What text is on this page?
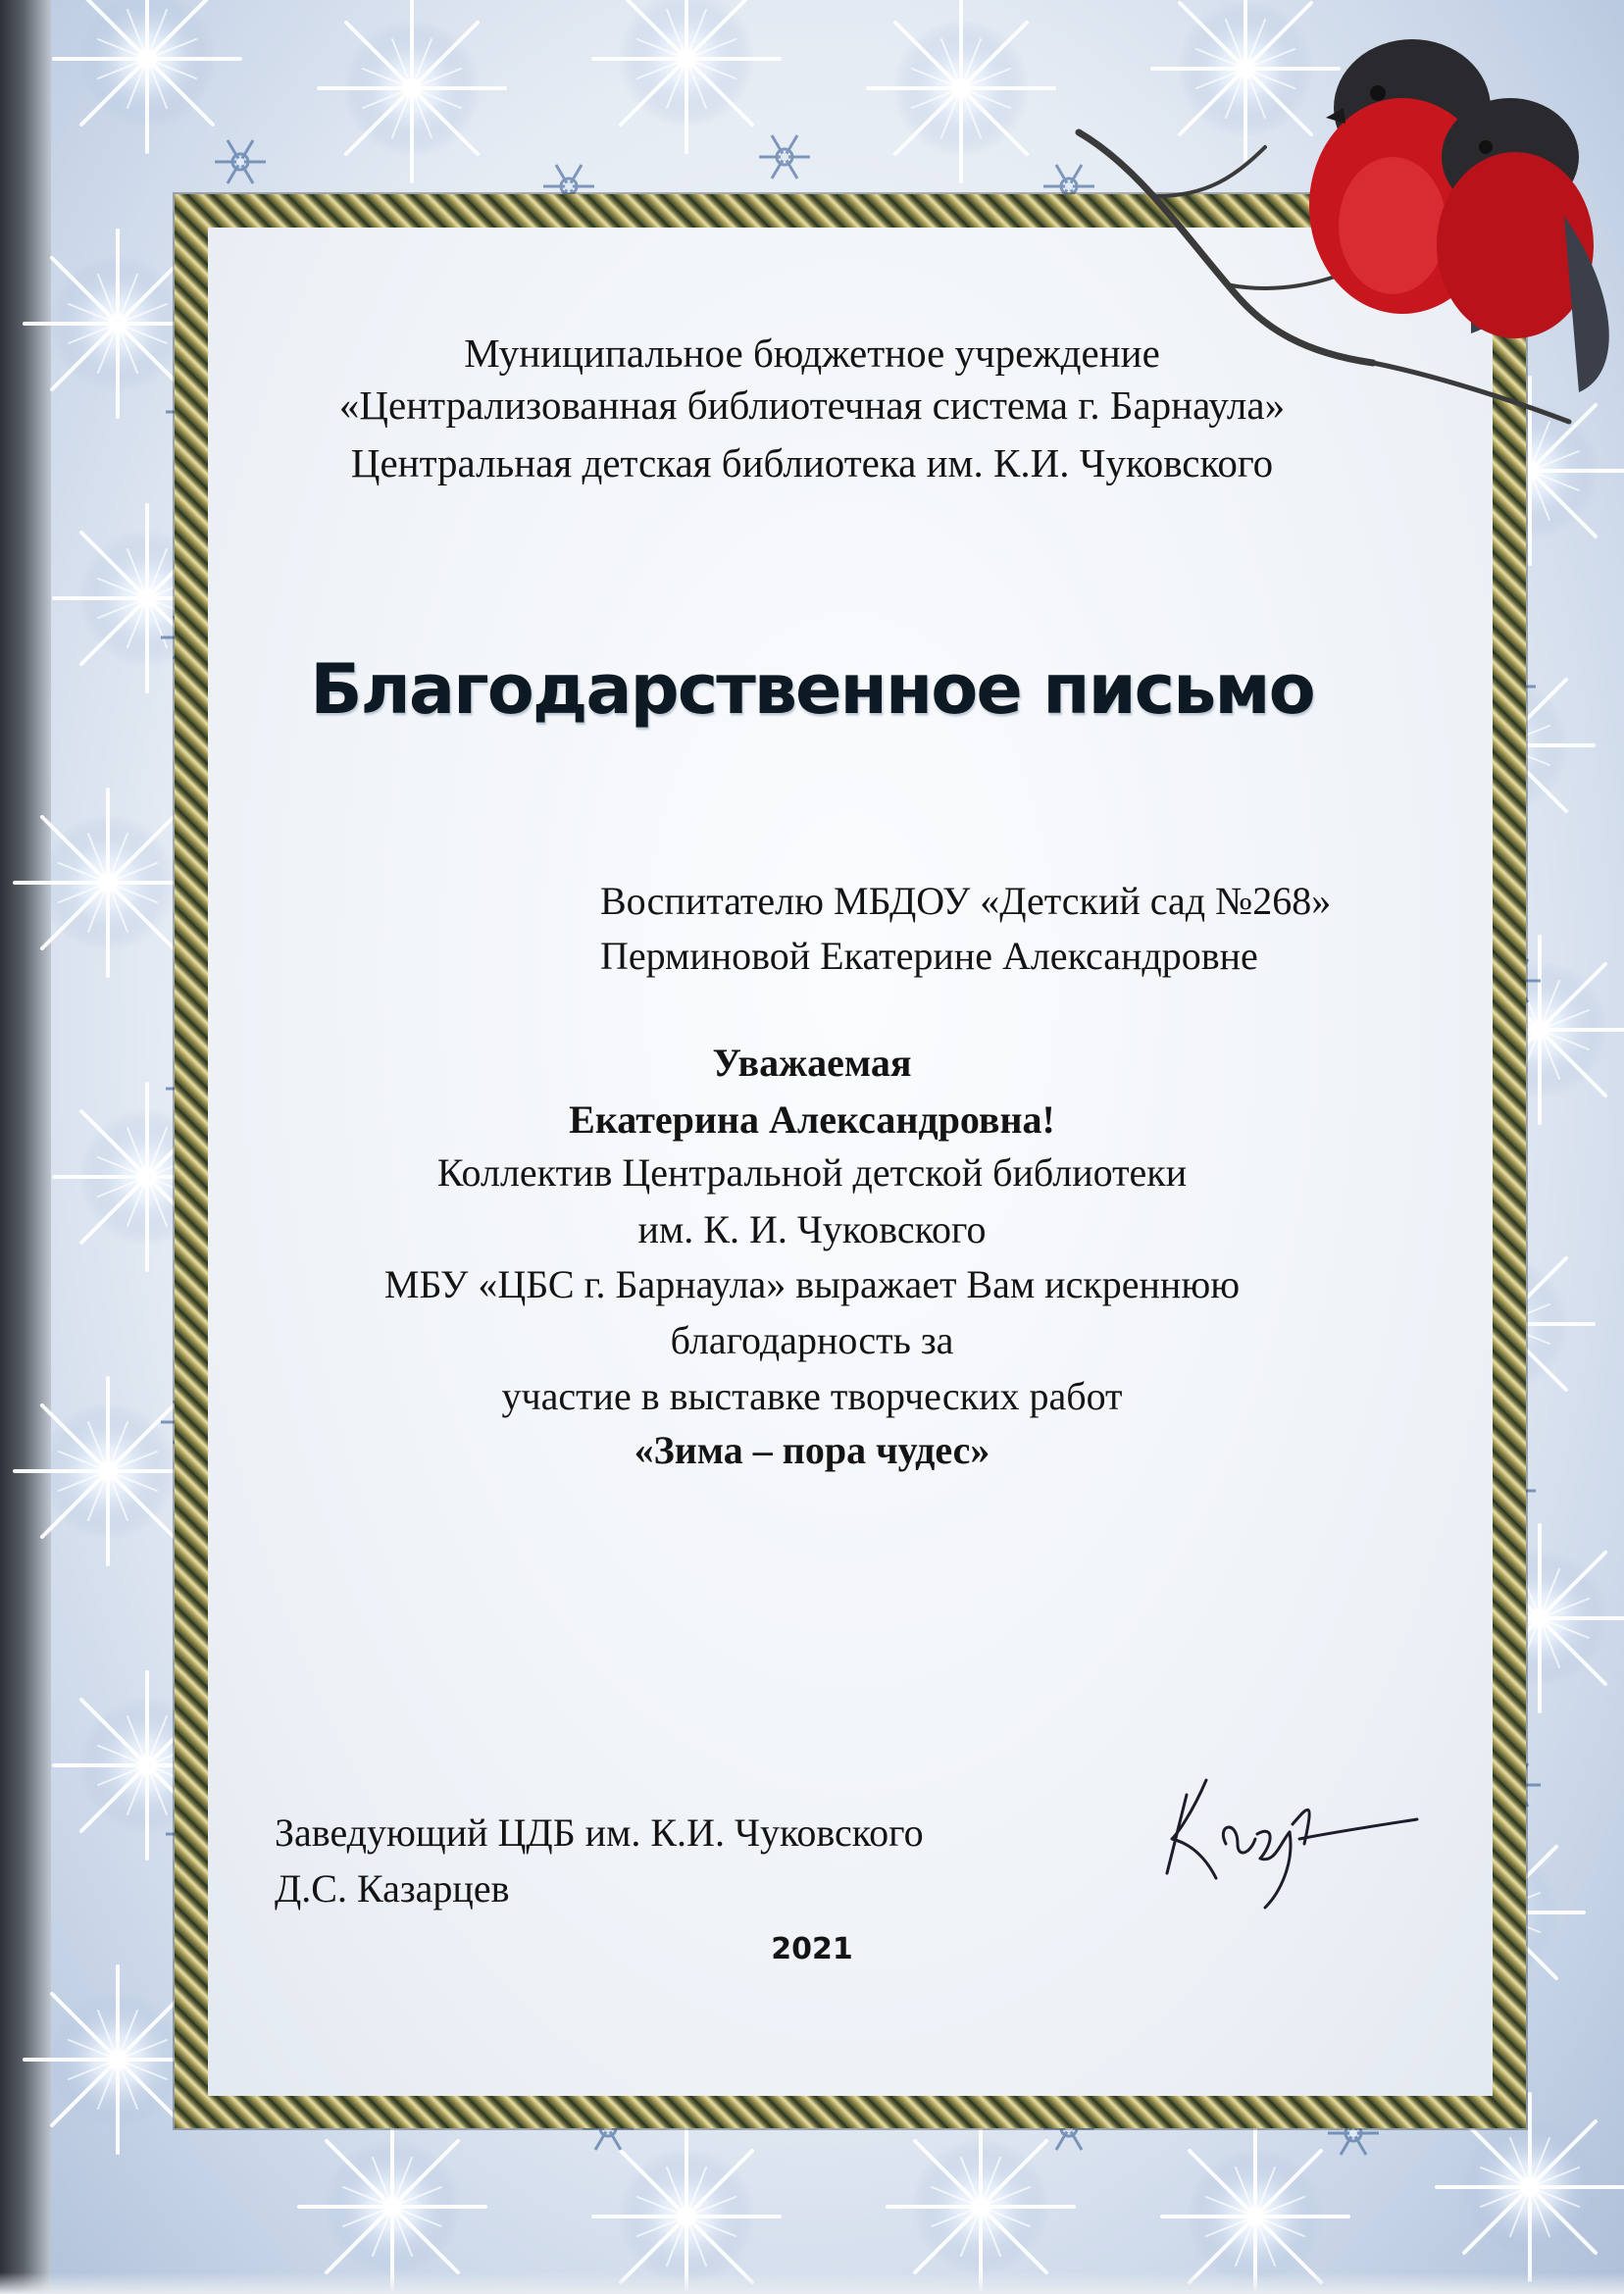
Муниципальное бюджетное учреждение
«Централизованная библиотечная система г. Барнаула»
Центральная детская библиотека им. К.И. Чуковского
Благодарственное письмо
Воспитателю МБДОУ «Детский сад №268»
Перминовой Екатерине Александровне
Уважаемая
Екатерина Александровна!
Коллектив Центральной детской библиотеки
им. К. И. Чуковского
МБУ «ЦБС г. Барнаула» выражает Вам искреннюю
благодарность за
участие в выставке творческих работ
«Зима – пора чудес»
Заведующий ЦДБ им. К.И. Чуковского
Д.С. Казарцев
2021
